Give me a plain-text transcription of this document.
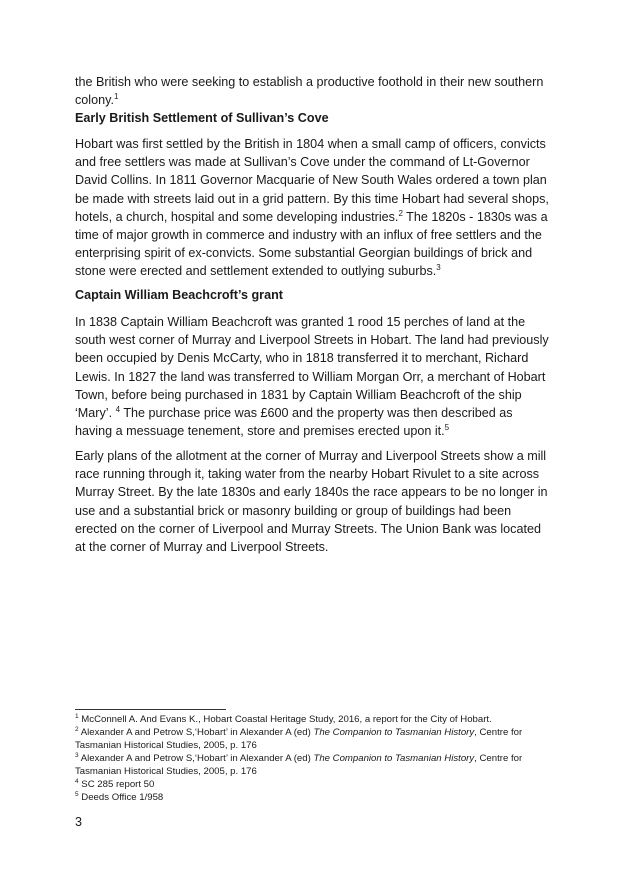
the British who were seeking to establish a productive foothold in their new southern colony.$^1$

Early British Settlement of Sullivan’s Cove

Hobart was first settled by the British in 1804 when a small camp of officers, convicts and free settlers was made at Sullivan’s Cove under the command of Lt-Governor David Collins. In 1811 Governor Macquarie of New South Wales ordered a town plan be made with streets laid out in a grid pattern. By this time Hobart had several shops, hotels, a church, hospital and some developing industries.$^2$ The 1820s - 1830s was a time of major growth in commerce and industry with an influx of free settlers and the enterprising spirit of ex-convicts. Some substantial Georgian buildings of brick and stone were erected and settlement extended to outlying suburbs.$^3$

Captain William Beachcroft’s grant

In 1838 Captain William Beachcroft was granted 1 rood 15 perches of land at the south west corner of Murray and Liverpool Streets in Hobart. The land had previously been occupied by Denis McCarty, who in 1818 transferred it to merchant, Richard Lewis. In 1827 the land was transferred to William Morgan Orr, a merchant of Hobart Town, before being purchased in 1831 by Captain William Beachcroft of the ship ‘Mary’. $^4$ The purchase price was £600 and the property was then described as having a messuage tenement, store and premises erected upon it.$^5$

Early plans of the allotment at the corner of Murray and Liverpool Streets show a mill race running through it, taking water from the nearby Hobart Rivulet to a site across Murray Street. By the late 1830s and early 1840s the race appears to be no longer in use and a substantial brick or masonry building or group of buildings had been erected on the corner of Liverpool and Murray Streets. The Union Bank was located at the corner of Murray and Liverpool Streets.

$^1$ McConnell A. And Evans K., Hobart Coastal Heritage Study, 2016, a report for the City of Hobart.

$^2$ Alexander A and Petrow S,‘Hobart’ in Alexander A (ed) The Companion to Tasmanian History, Centre for Tasmanian Historical Studies, 2005, p. 176

$^3$ Alexander A and Petrow S,‘Hobart’ in Alexander A (ed) The Companion to Tasmanian History, Centre for Tasmanian Historical Studies, 2005, p. 176

$^4$ SC 285 report 50

$^5$ Deeds Office 1/958

3
